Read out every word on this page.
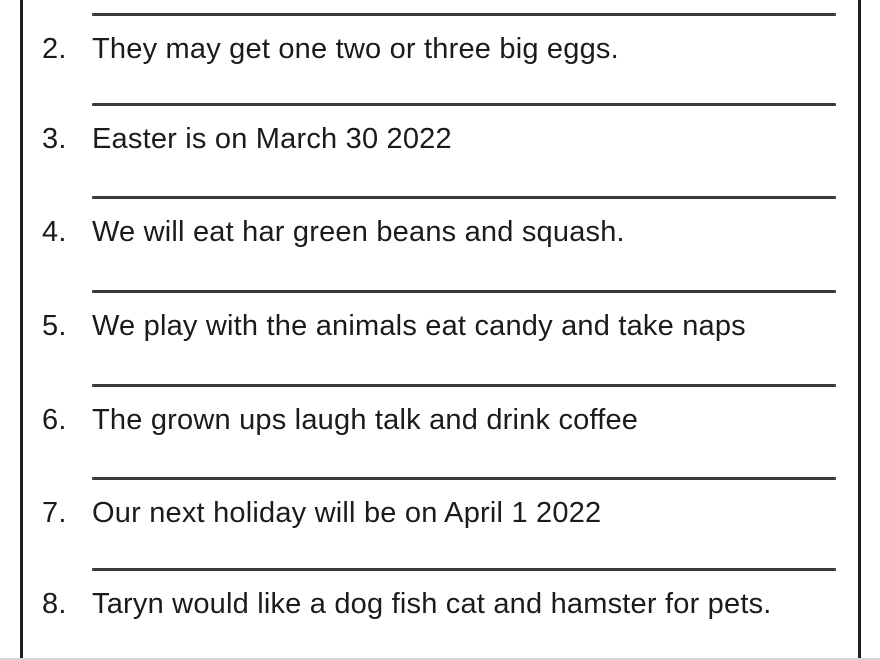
2. They may get one two or three big eggs.
3. Easter is on March 30 2022
4. We will eat har green beans and squash.
5. We play with the animals eat candy and take naps
6. The grown ups laugh talk and drink coffee
7. Our next holiday will be on April 1 2022
8. Taryn would like a dog fish cat and hamster for pets.
